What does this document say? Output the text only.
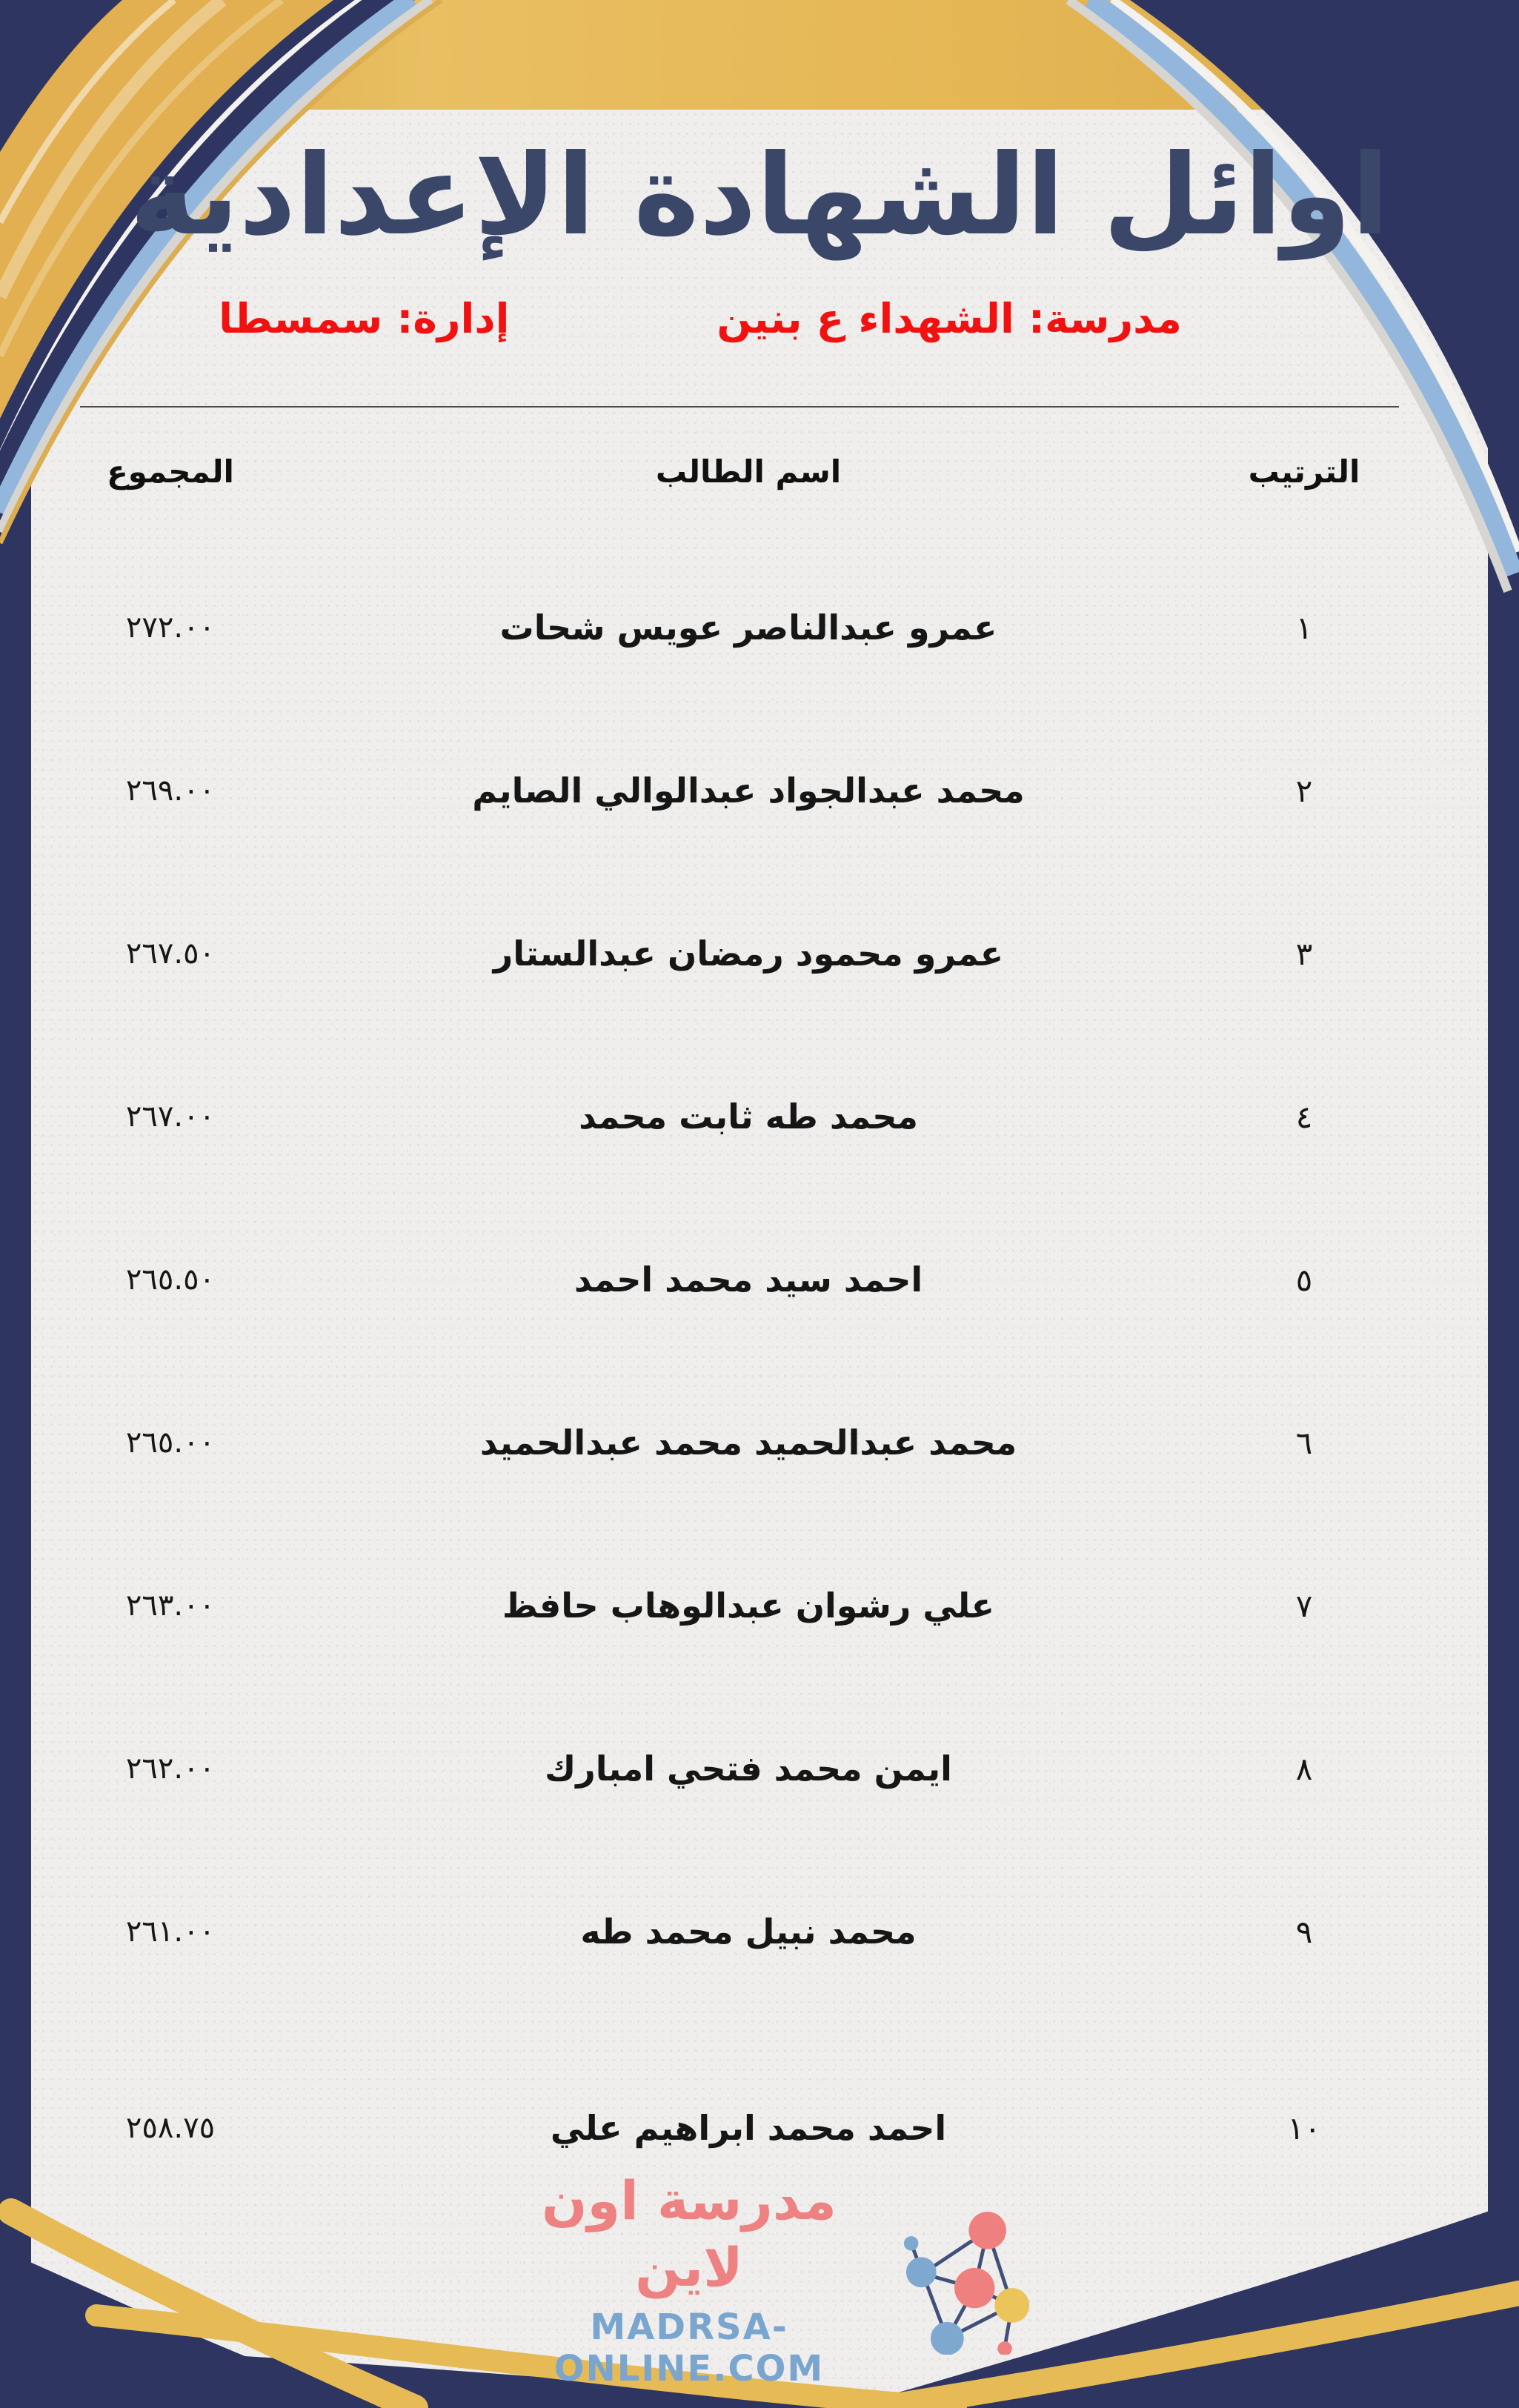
اوائل الشهادة الإعدادية
إدارة: سمسطا	مدرسة: الشهداء ع بنين
المجموع	اسم الطالب	الترتيب
٢٧٢.٠٠	عمرو عبدالناصر عويس شحات	١
٢٦٩.٠٠	محمد عبدالجواد عبدالوالي الصايم	٢
٢٦٧.٥٠	عمرو محمود رمضان عبدالستار	٣
٢٦٧.٠٠	محمد طه ثابت محمد	٤
٢٦٥.٥٠	احمد سيد محمد احمد	٥
٢٦٥.٠٠	محمد عبدالحميد محمد عبدالحميد	٦
٢٦٣.٠٠	علي رشوان عبدالوهاب حافظ	٧
٢٦٢.٠٠	ايمن محمد فتحي امبارك	٨
٢٦١.٠٠	محمد نبيل محمد طه	٩
٢٥٨.٧٥	احمد محمد ابراهيم علي	١٠
مدرسة اون لاين
MADRSA-ONLINE.COM
